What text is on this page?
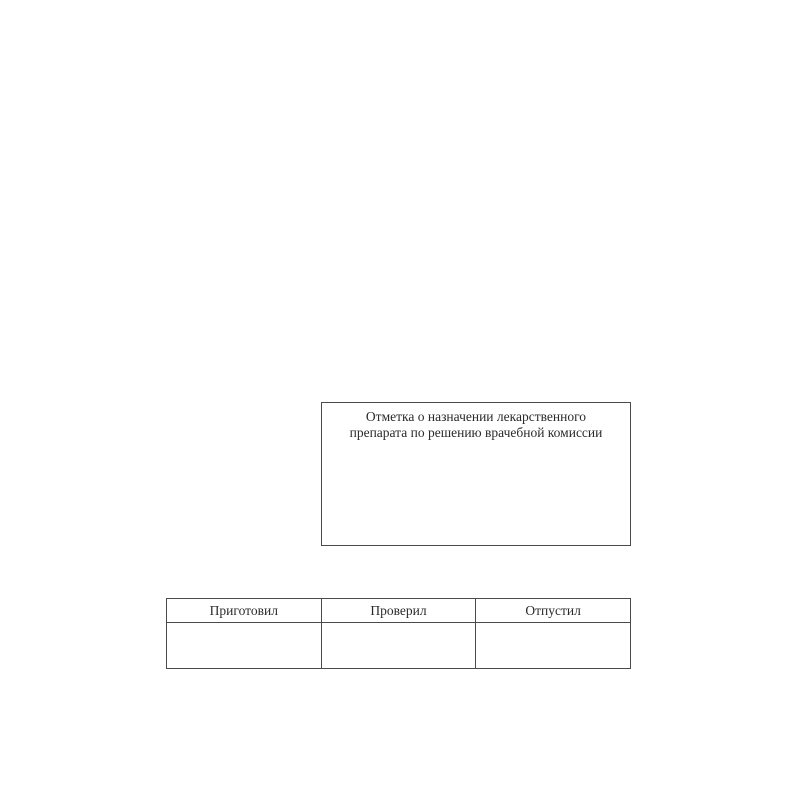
Отметка о назначении лекарственного
препарата по решению врачебной комиссии

Приготовил	Проверил	Отпустил
